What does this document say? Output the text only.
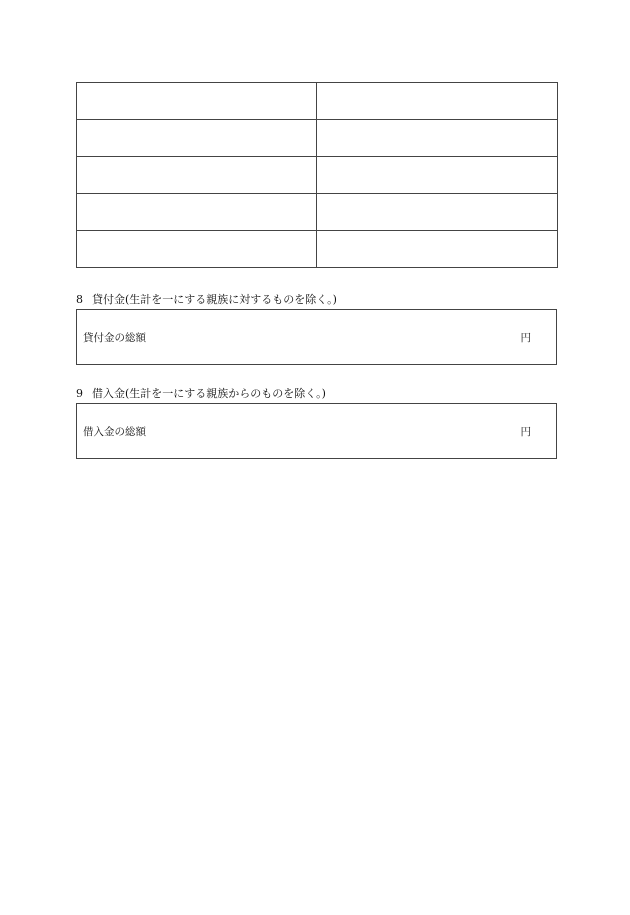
8 貸付金(生計を一にする親族に対するものを除く。)
貸付金の総額	円
9 借入金(生計を一にする親族からのものを除く。)
借入金の総額	円
